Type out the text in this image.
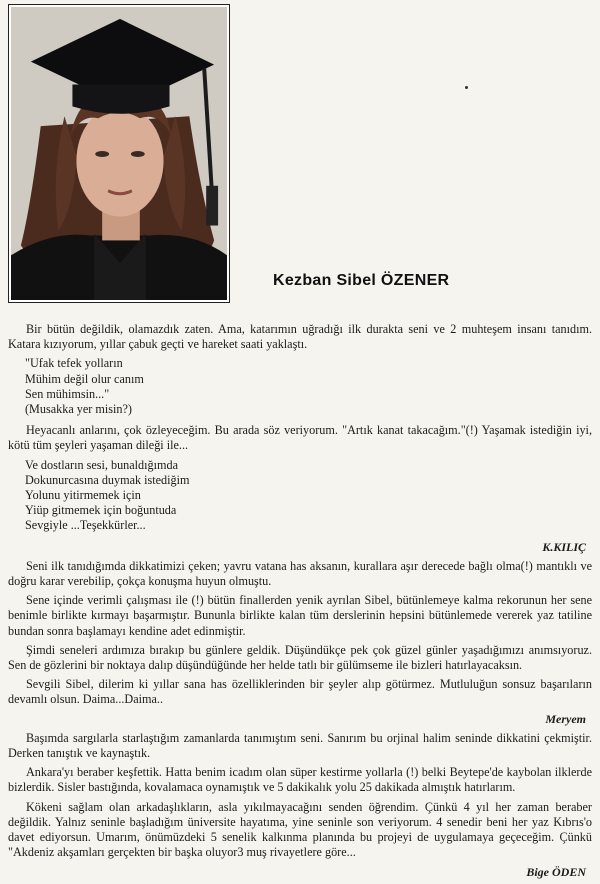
Kezban Sibel ÖZENER

Bir bütün değildik, olamazdık zaten. Ama, katarımın uğradığı ilk durakta seni ve 2 muhteşem insanı tanıdım. Katara kızıyorum, yıllar çabuk geçti ve hareket saati yaklaştı.

"Ufak tefek yolların
Mühim değil olur canım
Sen mühimsin..."
(Musakka yer misin?)

Heyacanlı anlarını, çok özleyeceğim. Bu arada söz veriyorum. "Artık kanat takacağım."(!) Yaşamak istediğin iyi, kötü tüm şeyleri yaşaman dileği ile...

Ve dostların sesi, bunaldığımda
Dokunurcasına duymak istediğim
Yolunu yitirmemek için
Yiüp gitmemek için boğuntuda
Sevgiyle ...Teşekkürler...
K.KILIÇ

Seni ilk tanıdığımda dikkatimizi çeken; yavru vatana has aksanın, kurallara aşır derecede bağlı olma(!) mantıklı ve doğru karar verebilip, çokça konuşma huyun olmuştu.

Sene içinde verimli çalışması ile (!) bütün finallerden yenik ayrılan Sibel, bütünlemeye kalma rekorunun her sene benimle birlikte kırmayı başarmıştır. Bununla birlikte kalan tüm derslerinin hepsini bütünlemede vererek yaz tatiline bundan sonra başlamayı kendine adet edinmiştir.

Şimdi seneleri ardımıza bırakıp bu günlere geldik. Düşündükçe pek çok güzel günler yaşadığımızı anımsıyoruz. Sen de gözlerini bir noktaya dalıp düşündüğünde her helde tatlı bir gülümseme ile bizleri hatırlayacaksın.

Sevgili Sibel, dilerim ki yıllar sana has özelliklerinden bir şeyler alıp götürmez. Mutluluğun sonsuz başarıların devamlı olsun. Daima...Daima..

Meryem

Başımda sargılarla starlaştığım zamanlarda tanımıştım seni. Sanırım bu orjinal halim seninde dikkatini çekmiştir. Derken tanıştık ve kaynaştık.

Ankara'yı beraber keşfettik. Hatta benim icadım olan süper kestirme yollarla (!) belki Beytepe'de kaybolan ilklerde bizlerdik. Sisler bastığında, kovalamaca oynamıştık ve 5 dakikalık yolu 25 dakikada almıştık hatırlarım.

Kökeni sağlam olan arkadaşlıkların, asla yıkılmayacağını senden öğrendim. Çünkü 4 yıl her zaman beraber değildik. Yalnız seninle başladığım üniversite hayatıma, yine seninle son veriyorum. 4 senedir beni her yaz Kıbrıs'o davet ediyorsun. Umarım, önümüzdeki 5 senelik kalkınma planında bu projeyi de uygulamaya geçeceğim. Çünkü "Akdeniz akşamları gerçekten bir başka oluyor3 muş rivayetlere göre...

Bige ÖDEN
